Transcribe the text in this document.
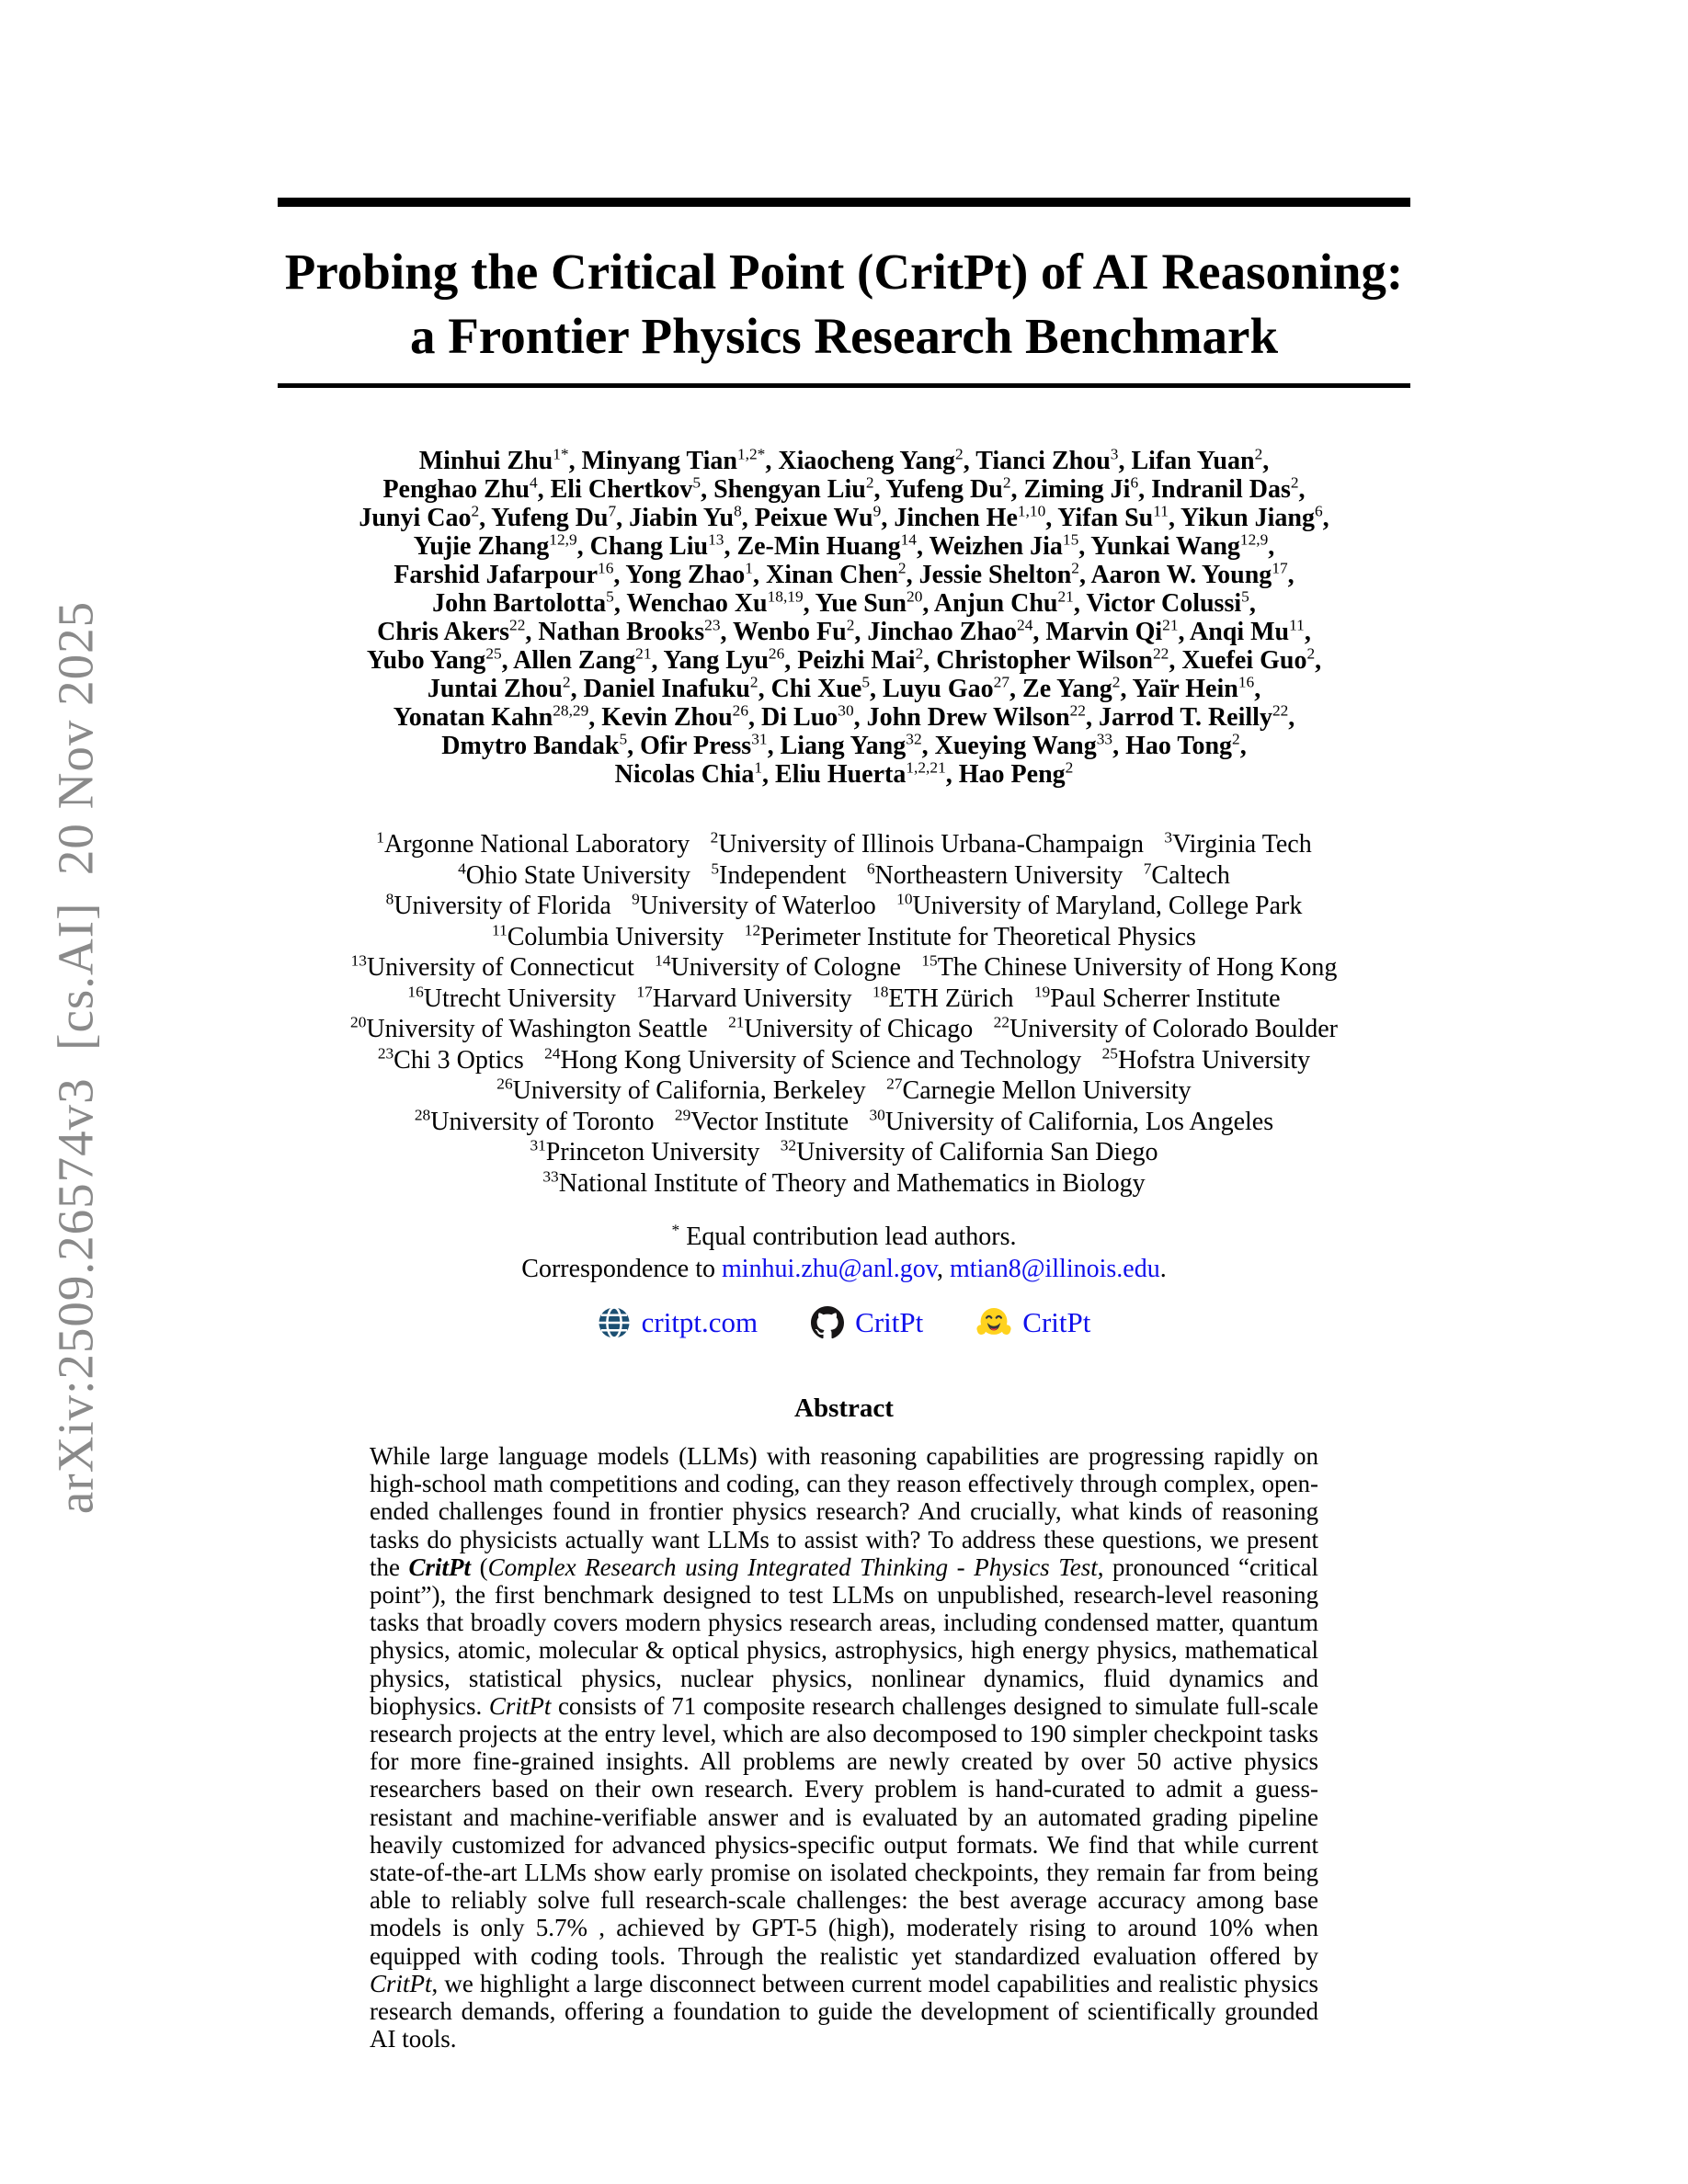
arXiv:2509.26574v3  [cs.AI]  20 Nov 2025

Probing the Critical Point (CritPt) of AI Reasoning:
a Frontier Physics Research Benchmark
Minhui Zhu$^{1*}$, Minyang Tian$^{1,2*}$, Xiaocheng Yang$^2$, Tianci Zhou$^3$, Lifan Yuan$^2$,
Penghao Zhu$^4$, Eli Chertkov$^5$, Shengyan Liu$^2$, Yufeng Du$^2$, Ziming Ji$^6$, Indranil Das$^2$,
Junyi Cao$^2$, Yufeng Du$^7$, Jiabin Yu$^8$, Peixue Wu$^9$, Jinchen He$^{1,10}$, Yifan Su$^{11}$, Yikun Jiang$^6$,
Yujie Zhang$^{12,9}$, Chang Liu$^{13}$, Ze-Min Huang$^{14}$, Weizhen Jia$^{15}$, Yunkai Wang$^{12,9}$,
Farshid Jafarpour$^{16}$, Yong Zhao$^1$, Xinan Chen$^2$, Jessie Shelton$^2$, Aaron W. Young$^{17}$,
John Bartolotta$^5$, Wenchao Xu$^{18,19}$, Yue Sun$^{20}$, Anjun Chu$^{21}$, Victor Colussi$^5$,
Chris Akers$^{22}$, Nathan Brooks$^{23}$, Wenbo Fu$^2$, Jinchao Zhao$^{24}$, Marvin Qi$^{21}$, Anqi Mu$^{11}$,
Yubo Yang$^{25}$, Allen Zang$^{21}$, Yang Lyu$^{26}$, Peizhi Mai$^2$, Christopher Wilson$^{22}$, Xuefei Guo$^2$,
Juntai Zhou$^2$, Daniel Inafuku$^2$, Chi Xue$^5$, Luyu Gao$^{27}$, Ze Yang$^2$, Yaïr Hein$^{16}$,
Yonatan Kahn$^{28,29}$, Kevin Zhou$^{26}$, Di Luo$^{30}$, John Drew Wilson$^{22}$, Jarrod T. Reilly$^{22}$,
Dmytro Bandak$^5$, Ofir Press$^{31}$, Liang Yang$^{32}$, Xueying Wang$^{33}$, Hao Tong$^2$,
Nicolas Chia$^1$, Eliu Huerta$^{1,2,21}$, Hao Peng$^2$
$^1$Argonne National Laboratory $^2$University of Illinois Urbana-Champaign $^3$Virginia Tech
$^4$Ohio State University $^5$Independent $^6$Northeastern University $^7$Caltech
$^8$University of Florida $^9$University of Waterloo $^{10}$University of Maryland, College Park
$^{11}$Columbia University $^{12}$Perimeter Institute for Theoretical Physics
$^{13}$University of Connecticut $^{14}$University of Cologne $^{15}$The Chinese University of Hong Kong
$^{16}$Utrecht University $^{17}$Harvard University $^{18}$ETH Zürich $^{19}$Paul Scherrer Institute
$^{20}$University of Washington Seattle $^{21}$University of Chicago $^{22}$University of Colorado Boulder
$^{23}$Chi 3 Optics $^{24}$Hong Kong University of Science and Technology $^{25}$Hofstra University
$^{26}$University of California, Berkeley $^{27}$Carnegie Mellon University
$^{28}$University of Toronto $^{29}$Vector Institute $^{30}$University of California, Los Angeles
$^{31}$Princeton University $^{32}$University of California San Diego
$^{33}$National Institute of Theory and Mathematics in Biology
* Equal contribution lead authors.
Correspondence to minhui.zhu@anl.gov, mtian8@illinois.edu.
critpt.com	CritPt	CritPt
Abstract

While large language models (LLMs) with reasoning capabilities are progressing rapidly on high-school math competitions and coding, can they reason effectively through complex, open-ended challenges found in frontier physics research? And crucially, what kinds of reasoning tasks do physicists actually want LLMs to assist with? To address these questions, we present the CritPt (Complex Research using Integrated Thinking - Physics Test, pronounced “critical point”), the first benchmark designed to test LLMs on unpublished, research-level reasoning tasks that broadly covers modern physics research areas, including condensed matter, quantum physics, atomic, molecular & optical physics, astrophysics, high energy physics, mathematical physics, statistical physics, nuclear physics, nonlinear dynamics, fluid dynamics and biophysics. CritPt consists of 71 composite research challenges designed to simulate full-scale research projects at the entry level, which are also decomposed to 190 simpler checkpoint tasks for more fine-grained insights. All problems are newly created by over 50 active physics researchers based on their own research. Every problem is hand-curated to admit a guess-resistant and machine-verifiable answer and is evaluated by an automated grading pipeline heavily customized for advanced physics-specific output formats. We find that while current state-of-the-art LLMs show early promise on isolated checkpoints, they remain far from being able to reliably solve full research-scale challenges: the best average accuracy among base models is only 5.7% , achieved by GPT-5 (high), moderately rising to around 10% when equipped with coding tools. Through the realistic yet standardized evaluation offered by CritPt, we highlight a large disconnect between current model capabilities and realistic physics research demands, offering a foundation to guide the development of scientifically grounded AI tools.
